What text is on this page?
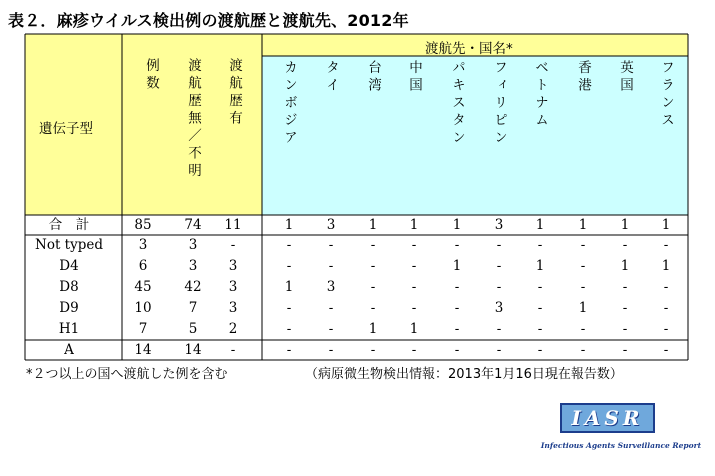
表２．麻疹ウイルス検出例の渡航歴と渡航先、2012年
遺伝子型
例数 渡航歴無／不明 渡航歴有
渡航先・国名*
カンボジア タイ 台湾 中国 パキスタン フィリピン ベトナム 香港 英国 フランス
合　計	85	74	11	1	3	1	1	1	3	1	1	1	1
Not typed	3	3	-	-	-	-	-	-	-	-	-	-	-
D4	6	3	3	-	-	-	-	1	-	1	-	1	1
D8	45	42	3	1	3	-	-	-	-	-	-	-	-
D9	10	7	3	-	-	-	-	-	3	-	1	-	-
H1	7	5	2	-	-	1	1	-	-	-	-	-	-
A	14	14	-	-	-	-	-	-	-	-	-	-	-
*２つ以上の国へ渡航した例を含む	（病原微生物検出情報：2013年1月16日現在報告数）
IASR
Infectious Agents Surveillance Report
